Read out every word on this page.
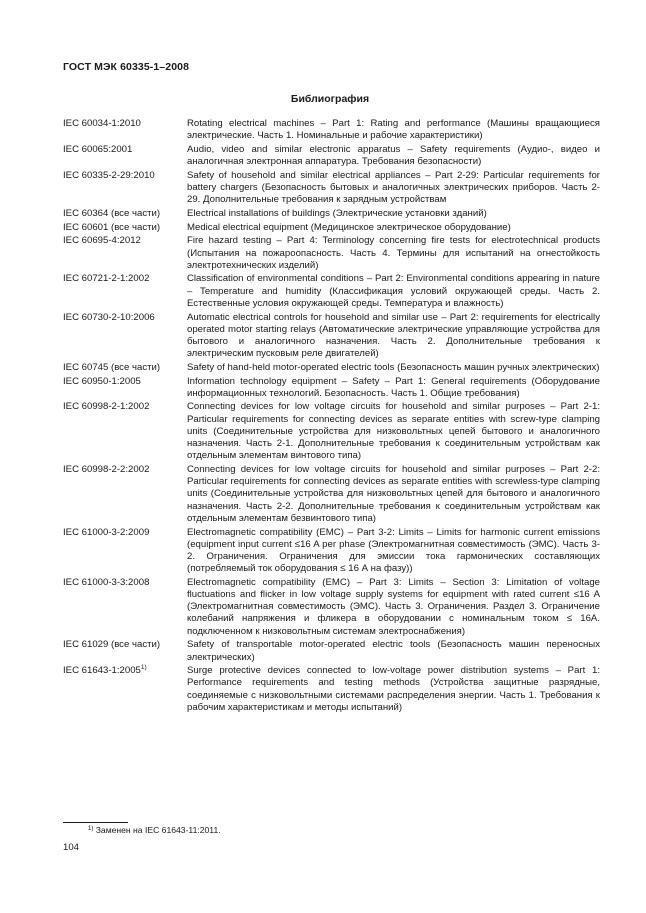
ГОСТ МЭК 60335-1–2008
Библиография
IEC 60034-1:2010	Rotating electrical machines – Part 1: Rating and performance (Машины вращающиеся электрические. Часть 1. Номинальные и рабочие характеристики)
IEC 60065:2001	Audio, video and similar electronic apparatus – Safety requirements (Аудио-, видео и аналогичная электронная аппаратура. Требования безопасности)
IEC 60335-2-29:2010	Safety of household and similar electrical appliances – Part 2-29: Particular requirements for battery chargers (Безопасность бытовых и аналогичных электрических приборов. Часть 2-29. Дополнительные требования к зарядным устройствам
IEC 60364 (все части)	Electrical installations of buildings (Электрические установки зданий)
IEC 60601 (все части)	Medical electrical equipment (Медицинское электрическое оборудование)
IEC 60695-4:2012	Fire hazard testing – Part 4: Terminology concerning fire tests for electrotechnical products (Испытания на пожароопасность. Часть 4. Термины для испытаний на огнестойкость электротехнических изделий)
IEC 60721-2-1:2002	Classification of environmental conditions – Part 2: Environmental conditions appearing in nature – Temperature and humidity (Классификация условий окружающей среды. Часть 2. Естественные условия окружающей среды. Температура и влажность)
IEC 60730-2-10:2006	Automatic electrical controls for household and similar use – Part 2: requirements for electrically operated motor starting relays (Автоматические электрические управляющие устройства для бытового и аналогичного назначения. Часть 2. Дополнительные требования к электрическим пусковым реле двигателей)
IEC 60745 (все части)	Safety of hand-held motor-operated electric tools (Безопасность машин ручных электрических)
IEC 60950-1:2005	Information technology equipment – Safety – Part 1: General requirements (Оборудование информационных технологий. Безопасность. Часть 1. Общие требования)
IEC 60998-2-1:2002	Connecting devices for low voltage circuits for household and similar purposes – Part 2-1: Particular requirements for connecting devices as separate entities with screw-type clamping units (Соединительные устройства для низковольтных цепей бытового и аналогичного назначения. Часть 2-1. Дополнительные требования к соединительным устройствам как отдельным элементам винтового типа)
IEC 60998-2-2:2002	Connecting devices for low voltage circuits for household and similar purposes – Part 2-2: Particular requirements for connecting devices as separate entities with screwless-type clamping units (Соединительные устройства для низковольтных цепей для бытового и аналогичного назначения. Часть 2-2. Дополнительные требования к соединительным устройствам как отдельным элементам безвинтового типа)
IEC 61000-3-2:2009	Electromagnetic compatibility (EMC) – Part 3-2: Limits – Limits for harmonic current emissions (equipment input current ≤16 A per phase (Электромагнитная совместимость (ЭМС). Часть 3-2. Ограничения. Ограничения для эмиссии тока гармонических составляющих (потребляемый ток оборудования ≤ 16 А на фазу))
IEC 61000-3-3:2008	Electromagnetic compatibility (EMC) – Part 3: Limits – Section 3: Limitation of voltage fluctuations and flicker in low voltage supply systems for equipment with rated current ≤16 A (Электромагнитная совместимость (ЭМС). Часть 3. Ограничения. Раздел 3. Ограничение колебаний напряжения и фликера в оборудовании с номинальным током ≤ 16А. подключенном к низковольтным системам электроснабжения)
IEC 61029 (все части)	Safety of transportable motor-operated electric tools (Безопасность машин переносных электрических)
IEC 61643-1:2005$^{1)}$	Surge protective devices connected to low-voltage power distribution systems – Part 1: Performance requirements and testing methods (Устройства защитные разрядные, соединяемые с низковольтными системами распределения энергии. Часть 1. Требования к рабочим характеристикам и методы испытаний)
$^{1)}$ Заменен на IEC 61643-11:2011.
104
